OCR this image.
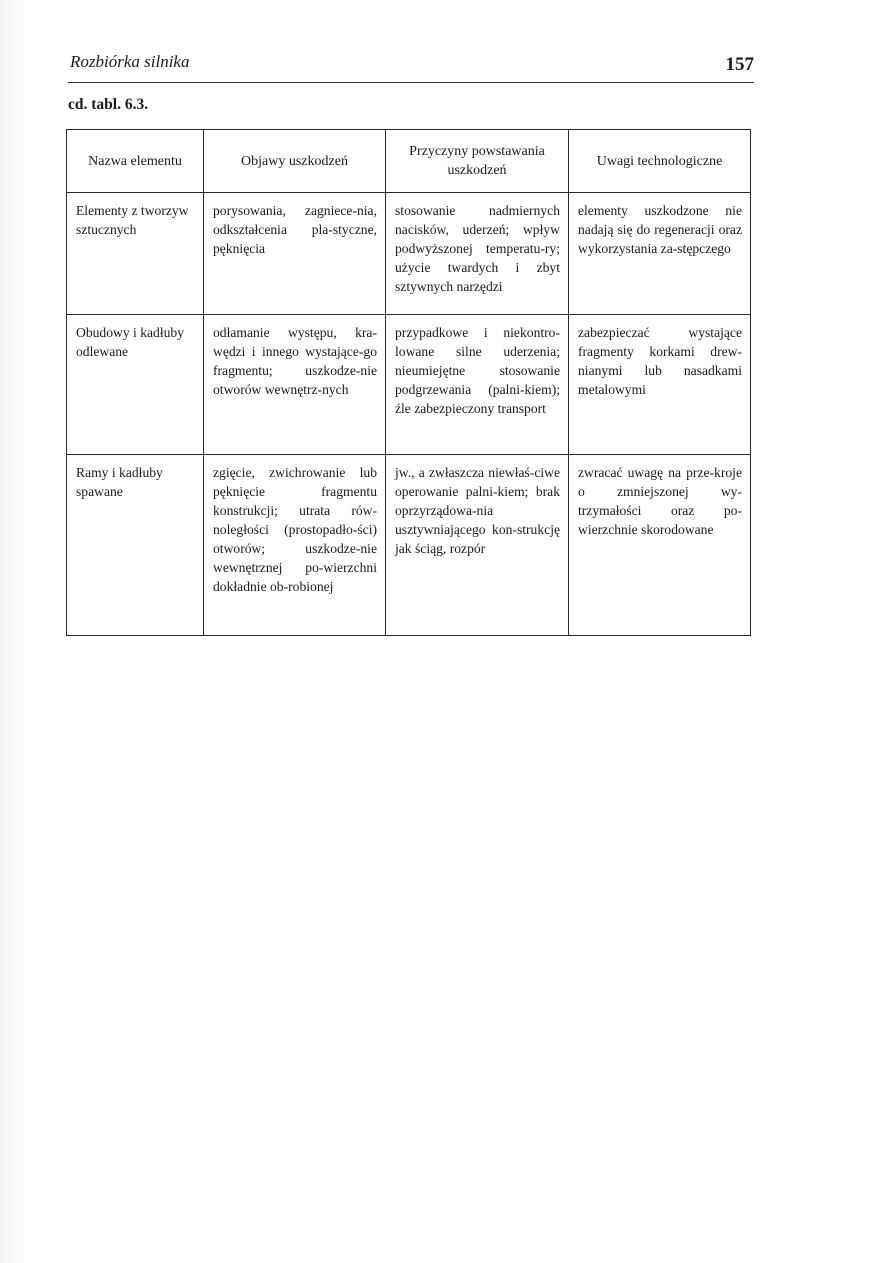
Rozbiórka silnika	157
cd. tabl. 6.3.
Nazwa elementu	Objawy uszkodzeń	Przyczyny powstawania uszkodzeń	Uwagi technologiczne
Elementy z tworzyw sztucznych	porysowania, zagniece-nia, odkształcenia pla-styczne, pęknięcia	stosowanie nadmiernych nacisków, uderzeń; wpływ podwyższonej temperatu-ry; użycie twardych i zbyt sztywnych narzędzi	elementy uszkodzone nie nadają się do regeneracji oraz wykorzystania za-stępczego
Obudowy i kadłuby odlewane	odłamanie występu, kra-wędzi i innego wystające-go fragmentu; uszkodze-nie otworów wewnętrz-nych	przypadkowe i niekontro-lowane silne uderzenia; nieumiejętne stosowanie podgrzewania (palni-kiem); źle zabezpieczony transport	zabezpieczać wystające fragmenty korkami drew-nianymi lub nasadkami metalowymi
Ramy i kadłuby spawane	zgięcie, zwichrowanie lub pęknięcie fragmentu konstrukcji; utrata rów-noległości (prostopadło-ści) otworów; uszkodze-nie wewnętrznej po-wierzchni dokładnie ob-robionej	jw., a zwłaszcza niewłaś-ciwe operowanie palni-kiem; brak oprzyrządowa-nia usztywniającego kon-strukcję jak ściąg, rozpór	zwracać uwagę na prze-kroje o zmniejszonej wy-trzymałości oraz po-wierzchnie skorodowane
